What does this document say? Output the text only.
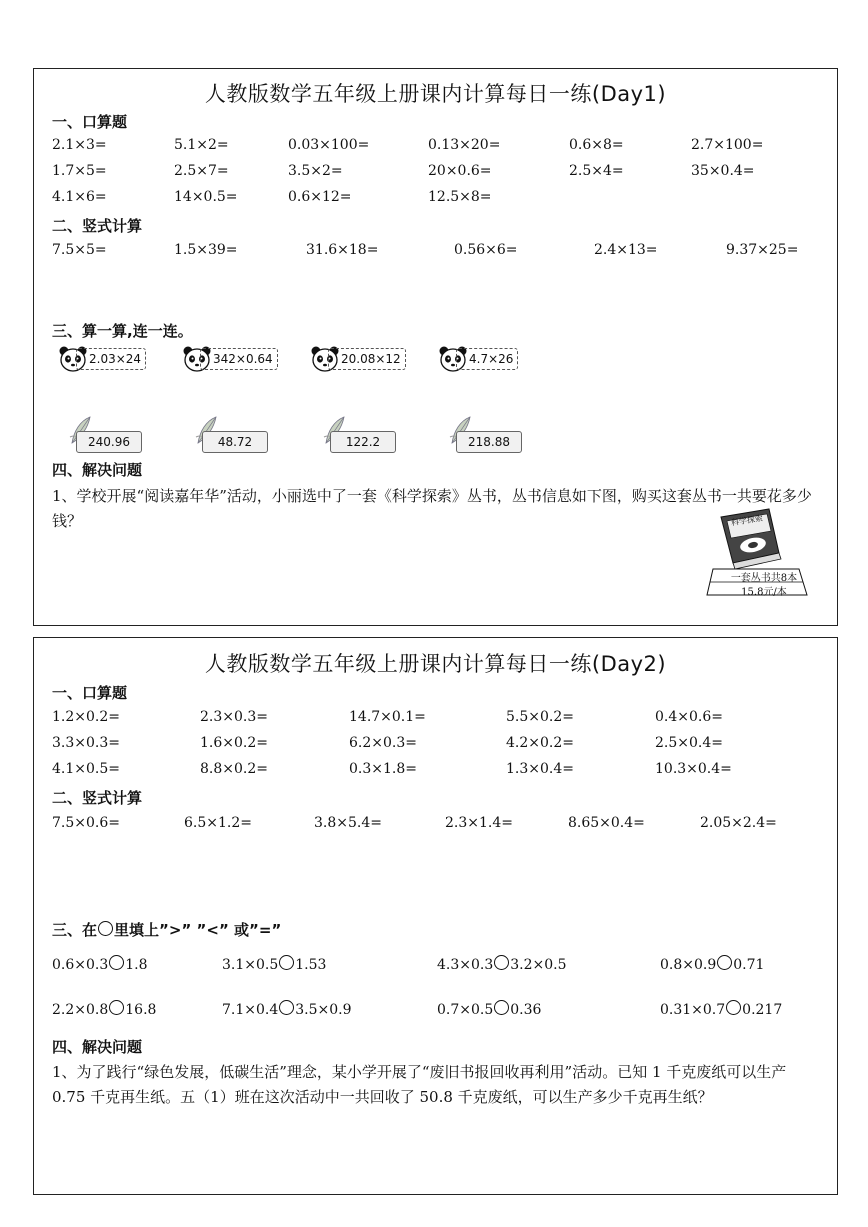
人教版数学五年级上册课内计算每日一练(Day1)
一、口算题
2.1×3=	5.1×2=	0.03×100=	0.13×20=	0.6×8=	2.7×100=
1.7×5=	2.5×7=	3.5×2=	20×0.6=	2.5×4=	35×0.4=
4.1×6=	14×0.5=	0.6×12=	12.5×8=
二、竖式计算
7.5×5=	1.5×39=	31.6×18=	0.56×6=	2.4×13=	9.37×25=
三、算一算,连一连。
2.03×24	342×0.64	20.08×12	4.7×26
240.96	48.72	122.2	218.88
四、解决问题
1、学校开展“阅读嘉年华”活动，小丽选中了一套《科学探索》丛书，丛书信息如下图，购买这套丛书一共要花多少钱？	科学探索
一套丛书共8本
15.8元/本
人教版数学五年级上册课内计算每日一练(Day2)
一、口算题
1.2×0.2=	2.3×0.3=	14.7×0.1=	5.5×0.2=	0.4×0.6=
3.3×0.3=	1.6×0.2=	6.2×0.3=	4.2×0.2=	2.5×0.4=
4.1×0.5=	8.8×0.2=	0.3×1.8=	1.3×0.4=	10.3×0.4=
二、竖式计算
7.5×0.6=	6.5×1.2=	3.8×5.4=	2.3×1.4=	8.65×0.4=	2.05×2.4=
三、在 里填上”>” ”<” 或”=”
0.6×0.3 1.8	3.1×0.5 1.53	4.3×0.3 3.2×0.5	0.8×0.9 0.71
2.2×0.8 16.8	7.1×0.4 3.5×0.9	0.7×0.5 0.36	0.31×0.7 0.217
四、解决问题
1、为了践行“绿色发展，低碳生活”理念，某小学开展了“废旧书报回收再利用”活动。已知 1 千克废纸可以生产 0.75 千克再生纸。五（1）班在这次活动中一共回收了 50.8 千克废纸，可以生产多少千克再生纸？
